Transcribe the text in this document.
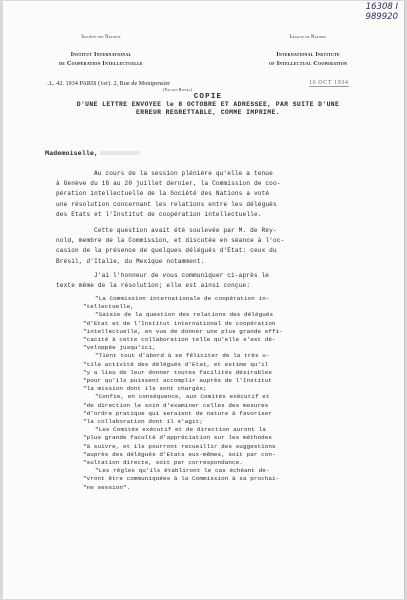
16308 I
989920
Société des Nations
Institut International
de Coopération Intellectuelle
League of Nations
International Institute
of Intellectual Cooperation
..L. 42. 1934 PARIS (1er). 2, Rue de Montpensier
(Palais-Royal)
16 OCT 1934
COPIE
D'UNE LETTRE ENVOYEE le 8 OCTOBRE ET ADRESSEE, PAR SUITE D'UNE
ERREUR REGRETTABLE, COMME IMPRIME.
Mademoiselle,

Au cours de la session plénière qu'elle a tenue

à Genève du 16 au 20 juillet dernier, la Commission de coo-

pération intellectuelle de la Société des Nations a voté

une résolution concernant les relations entre les délégués

des Etats et l'Institut de coopération intellectuelle.

Cette question avait été soulevée par M. de Rey-

nold, membre de la Commission, et discutée en séance à l'oc-

casion de la présence de quelques délégués d'Etat: ceux du

Brésil, d'Italie, du Mexique notamment.

J'ai l'honneur de vous communiquer ci-après le

texte même de la résolution; elle est ainsi conçue:

"La Commission internationale de coopération in-

"tellectuelle,

"Saisie de la question des relations des délégués

"d'Etat et de l'Institut international de coopération

"intellectuelle, en vue de donner une plus grande effi-

"cacité à cette collaboration telle qu'elle s'est dé-

"veloppée jusqu'ici,

"Tient tout d'abord à se féliciter de la très u-

"tile activité des délégués d'Etat, et estime qu'il

"y a lieu de leur donner toutes facilités désirables

"pour qu'ils puissent accomplir auprès de l'Institut

"la mission dont ils sont chargés;

"Confie, en conséquence, aux Comités exécutif et

"de direction le soin d'examiner celles des mesures

"d'ordre pratique qui seraient de nature à favoriser

"la collaboration dont il s'agit;

"Les Comités exécutif et de direction auront la

"plus grande faculté d'appréciation sur les méthodes

"à suivre, et ils pourront recueillir des suggestions

"auprès des délégués d'Etats eux-mêmes, soit par con-

"sultation directe, soit par correspondance.

"Les règles qu'ils établiront le cas échéant de-

"vront être communiquées à la Commission à sa prochai-

"ne session".
